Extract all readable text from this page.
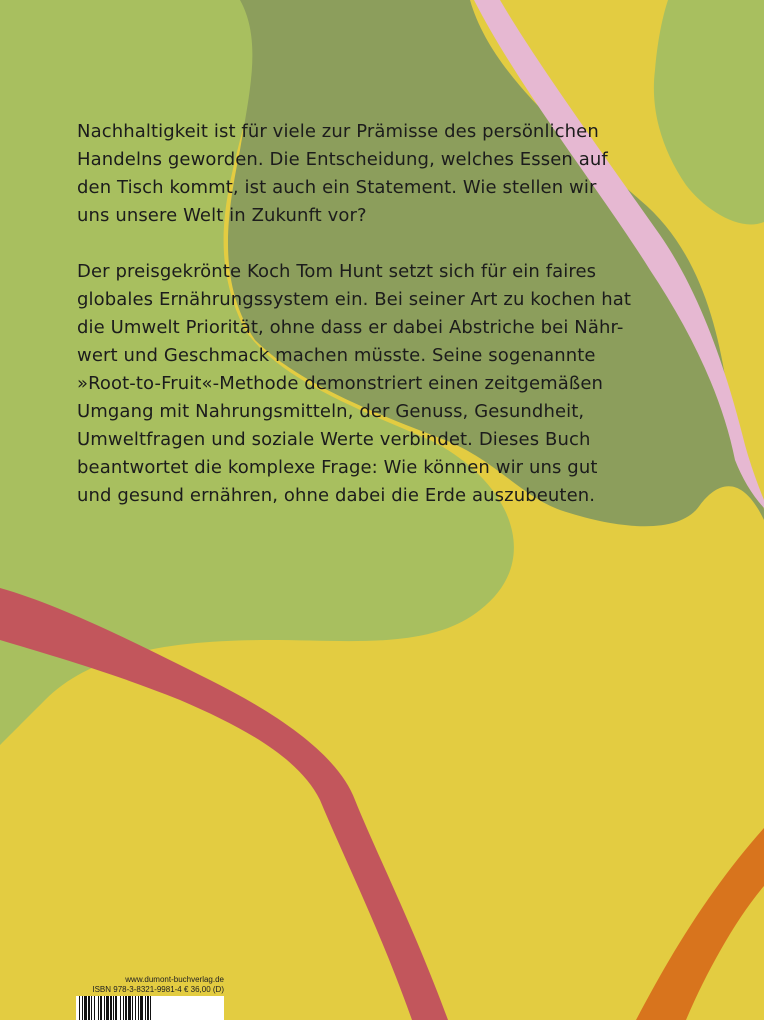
Nachhaltigkeit ist für viele zur Prämisse des persönlichen
Handelns geworden. Die Entscheidung, welches Essen auf
den Tisch kommt, ist auch ein Statement. Wie stellen wir
uns unsere Welt in Zukunft vor?

Der preisgekrönte Koch Tom Hunt setzt sich für ein faires
globales Ernährungssystem ein. Bei seiner Art zu kochen hat
die Umwelt Priorität, ohne dass er dabei Abstriche bei Nähr-
wert und Geschmack machen müsste. Seine sogenannte
»Root-to-Fruit«-Methode demonstriert einen zeitgemäßen
Umgang mit Nahrungsmitteln, der Genuss, Gesundheit,
Umweltfragen und soziale Werte verbindet. Dieses Buch
beantwortet die komplexe Frage: Wie können wir uns gut
und gesund ernähren, ohne dabei die Erde auszubeuten.

www.dumont-buchverlag.de
ISBN 978-3-8321-9981-4 € 36,00 (D)
